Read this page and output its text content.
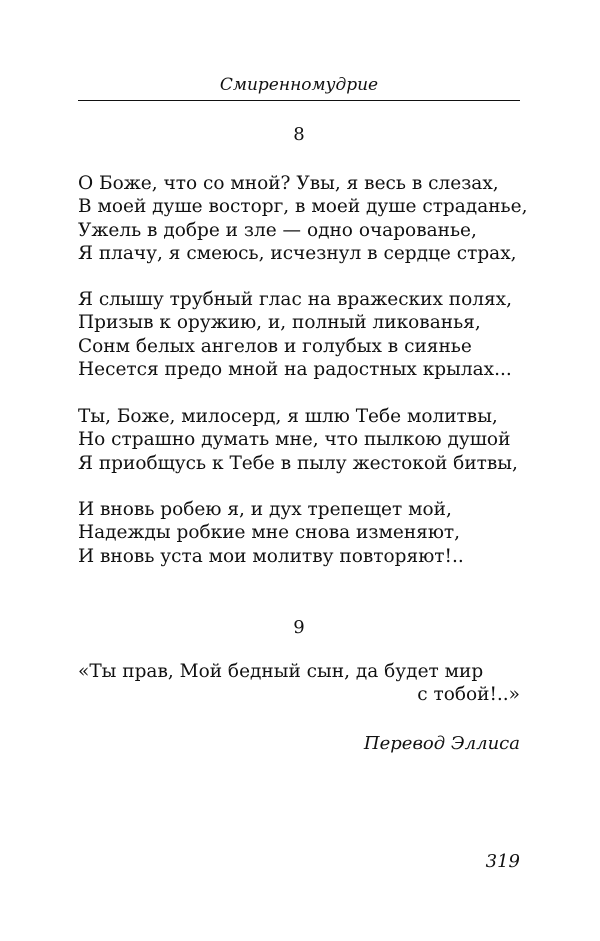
Смиренномудрие
8
О Боже, что со мной? Увы, я весь в слезах,
В моей душе восторг, в моей душе страданье,
Ужель в добре и зле — одно очарованье,
Я плачу, я смеюсь, исчезнул в сердце страх,
Я слышу трубный глас на вражеских полях,
Призыв к оружию, и, полный ликованья,
Сонм белых ангелов и голубых в сиянье
Несется предо мной на радостных крылах...
Ты, Боже, милосерд, я шлю Тебе молитвы,
Но страшно думать мне, что пылкою душой
Я приобщусь к Тебе в пылу жестокой битвы,
И вновь робею я, и дух трепещет мой,
Надежды робкие мне снова изменяют,
И вновь уста мои молитву повторяют!..
9
«Ты прав, Мой бедный сын, да будет мир
с тобой!..»
Перевод Эллиса
319
